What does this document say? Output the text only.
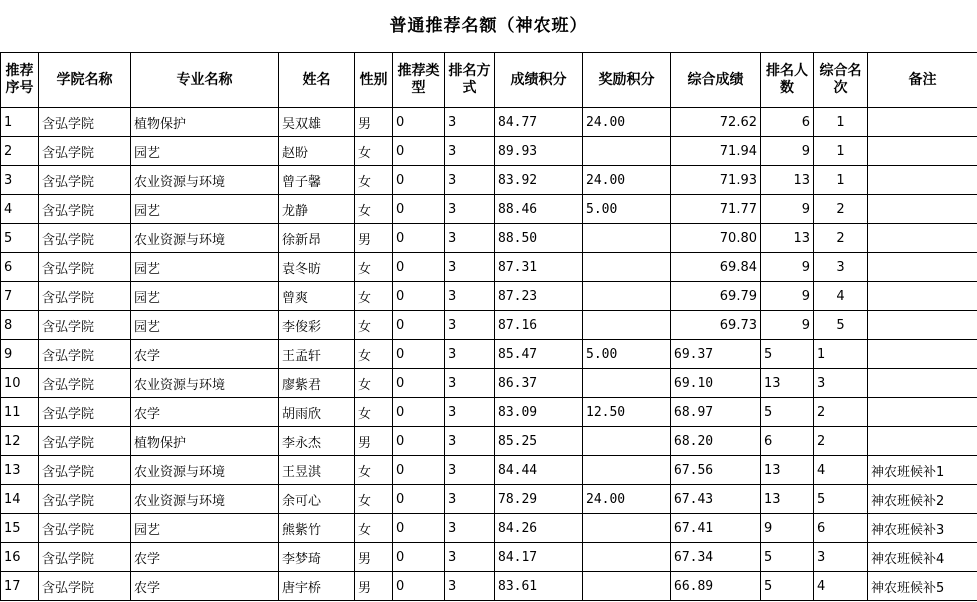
普通推荐名额（神农班）
推荐序号	学院名称	专业名称	姓名	性别	推荐类型	排名方式	成绩积分	奖励积分	综合成绩	排名人数	综合名次	备注
1	含弘学院	植物保护	吴双雄	男	0	3	84.77	24.00	72.62	6	1	
2	含弘学院	园艺	赵盼	女	0	3	89.93		71.94	9	1	
3	含弘学院	农业资源与环境	曾子馨	女	0	3	83.92	24.00	71.93	13	1	
4	含弘学院	园艺	龙静	女	0	3	88.46	5.00	71.77	9	2	
5	含弘学院	农业资源与环境	徐新昂	男	0	3	88.50		70.80	13	2	
6	含弘学院	园艺	袁冬昉	女	0	3	87.31		69.84	9	3	
7	含弘学院	园艺	曾爽	女	0	3	87.23		69.79	9	4	
8	含弘学院	园艺	李俊彩	女	0	3	87.16		69.73	9	5	
9	含弘学院	农学	王孟轩	女	0	3	85.47	5.00	69.37	5	1	
10	含弘学院	农业资源与环境	廖紫君	女	0	3	86.37		69.10	13	3	
11	含弘学院	农学	胡雨欣	女	0	3	83.09	12.50	68.97	5	2	
12	含弘学院	植物保护	李永杰	男	0	3	85.25		68.20	6	2	
13	含弘学院	农业资源与环境	王昱淇	女	0	3	84.44		67.56	13	4	神农班候补1
14	含弘学院	农业资源与环境	余可心	女	0	3	78.29	24.00	67.43	13	5	神农班候补2
15	含弘学院	园艺	熊紫竹	女	0	3	84.26		67.41	9	6	神农班候补3
16	含弘学院	农学	李梦琦	男	0	3	84.17		67.34	5	3	神农班候补4
17	含弘学院	农学	唐宇桥	男	0	3	83.61		66.89	5	4	神农班候补5
